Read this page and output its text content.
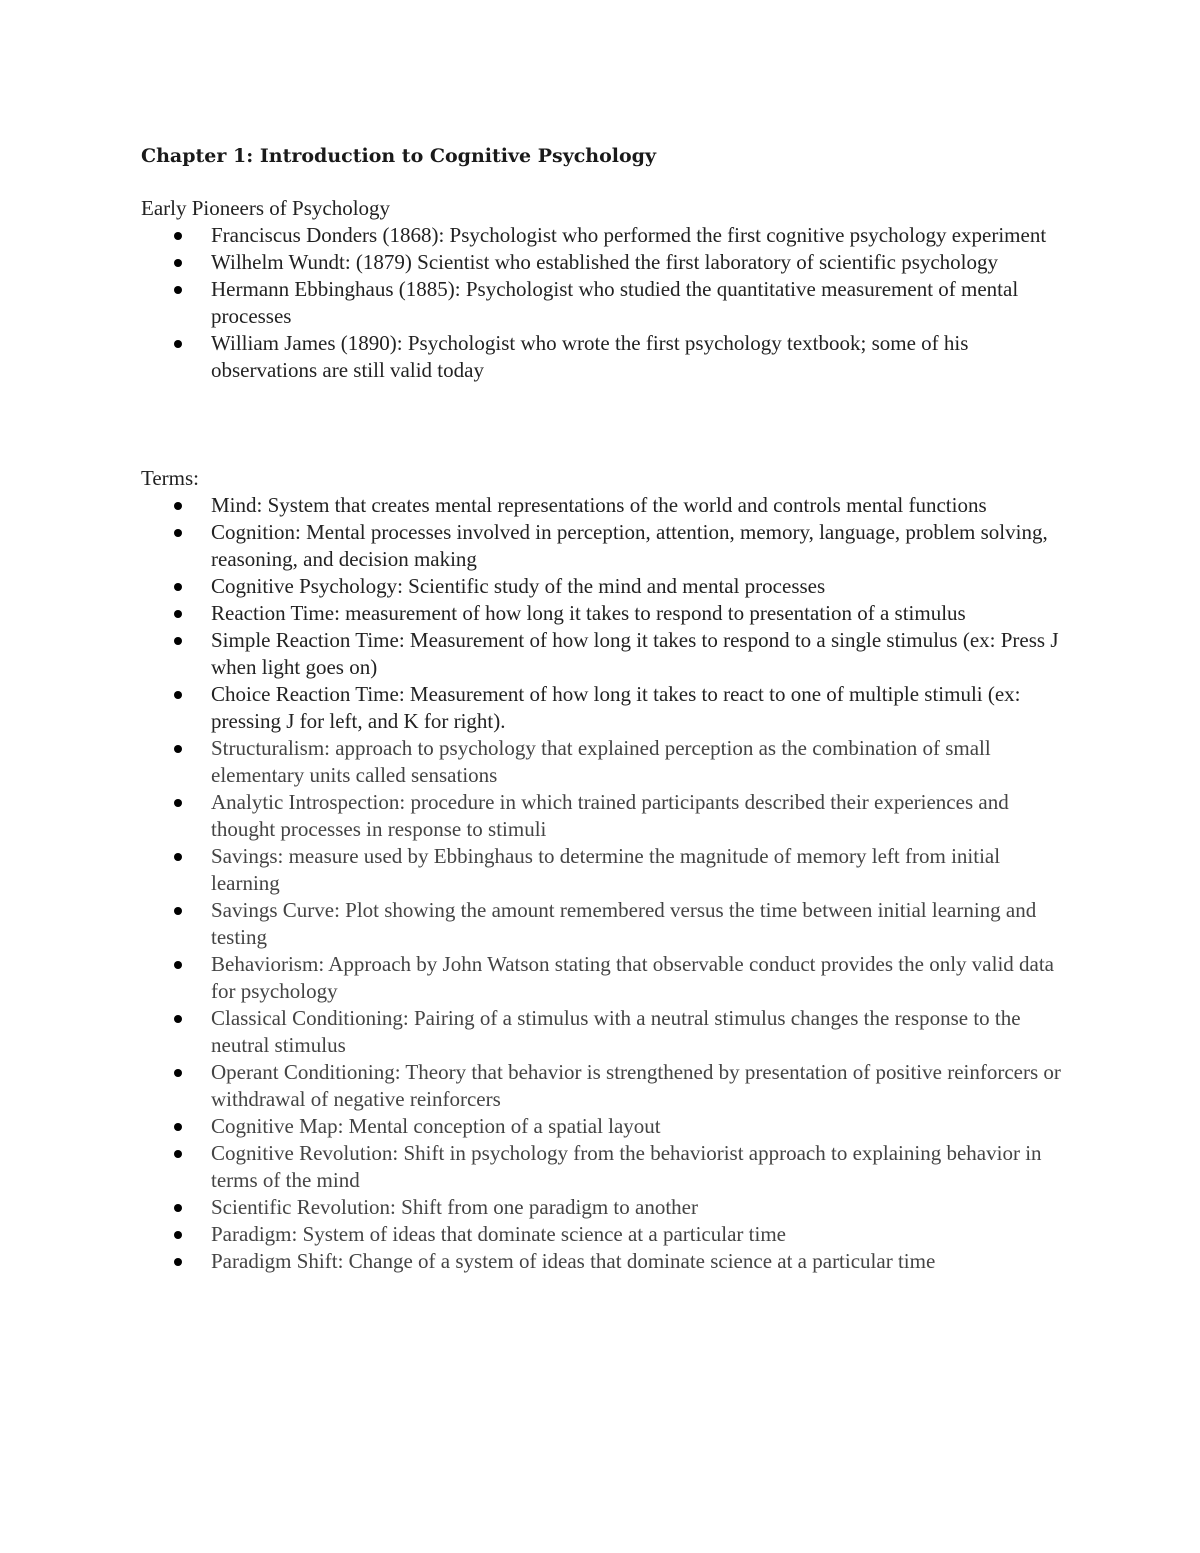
Chapter 1: Introduction to Cognitive Psychology

Early Pioneers of Psychology

Franciscus Donders (1868): Psychologist who performed the first cognitive psychology experiment
Wilhelm Wundt: (1879) Scientist who established the first laboratory of scientific psychology
Hermann Ebbinghaus (1885): Psychologist who studied the quantitative measurement of mental processes
William James (1890): Psychologist who wrote the first psychology textbook; some of his observations are still valid today

Terms:

Mind: System that creates mental representations of the world and controls mental functions
Cognition: Mental processes involved in perception, attention, memory, language, problem solving, reasoning, and decision making
Cognitive Psychology: Scientific study of the mind and mental processes
Reaction Time: measurement of how long it takes to respond to presentation of a stimulus
Simple Reaction Time: Measurement of how long it takes to respond to a single stimulus (ex: Press J when light goes on)
Choice Reaction Time: Measurement of how long it takes to react to one of multiple stimuli (ex: pressing J for left, and K for right).
Structuralism: approach to psychology that explained perception as the combination of small elementary units called sensations
Analytic Introspection: procedure in which trained participants described their experiences and thought processes in response to stimuli
Savings: measure used by Ebbinghaus to determine the magnitude of memory left from initial learning
Savings Curve: Plot showing the amount remembered versus the time between initial learning and testing
Behaviorism: Approach by John Watson stating that observable conduct provides the only valid data for psychology
Classical Conditioning: Pairing of a stimulus with a neutral stimulus changes the response to the neutral stimulus
Operant Conditioning: Theory that behavior is strengthened by presentation of positive reinforcers or withdrawal of negative reinforcers
Cognitive Map: Mental conception of a spatial layout
Cognitive Revolution: Shift in psychology from the behaviorist approach to explaining behavior in terms of the mind
Scientific Revolution: Shift from one paradigm to another
Paradigm: System of ideas that dominate science at a particular time
Paradigm Shift: Change of a system of ideas that dominate science at a particular time
